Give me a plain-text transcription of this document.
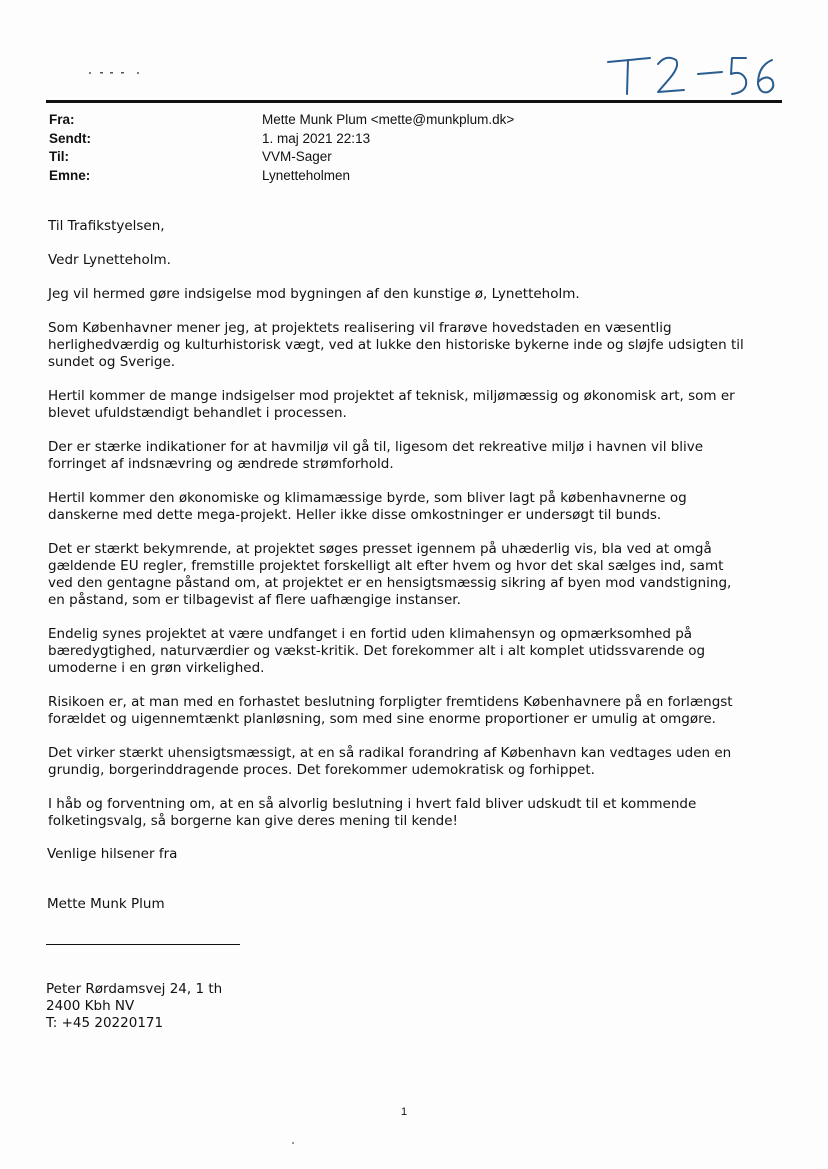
Fra:
Sendt:
Til:
Emne:
Mette Munk Plum <mette@munkplum.dk>
1. maj 2021 22:13
VVM-Sager
Lynetteholmen

Til Trafikstyelsen,

Vedr Lynetteholm.

Jeg vil hermed gøre indsigelse mod bygningen af den kunstige ø, Lynetteholm.

Som Københavner mener jeg, at projektets realisering vil frarøve hovedstaden en væsentlig
herlighedværdig og kulturhistorisk vægt, ved at lukke den historiske bykerne inde og sløjfe udsigten til
sundet og Sverige.

Hertil kommer de mange indsigelser mod projektet af teknisk, miljømæssig og økonomisk art, som er
blevet ufuldstændigt behandlet i processen.

Der er stærke indikationer for at havmiljø vil gå til, ligesom det rekreative miljø i havnen vil blive
forringet af indsnævring og ændrede strømforhold.

Hertil kommer den økonomiske og klimamæssige byrde, som bliver lagt på københavnerne og
danskerne med dette mega-projekt. Heller ikke disse omkostninger er undersøgt til bunds.

Det er stærkt bekymrende, at projektet søges presset igennem på uhæderlig vis, bla ved at omgå
gældende EU regler, fremstille projektet forskelligt alt efter hvem og hvor det skal sælges ind, samt
ved den gentagne påstand om, at projektet er en hensigtsmæssig sikring af byen mod vandstigning,
en påstand, som er tilbagevist af flere uafhængige instanser.

Endelig synes projektet at være undfanget i en fortid uden klimahensyn og opmærksomhed på
bæredygtighed, naturværdier og vækst-kritik. Det forekommer alt i alt komplet utidssvarende og
umoderne i en grøn virkelighed.

Risikoen er, at man med en forhastet beslutning forpligter fremtidens Københavnere på en forlængst
forældet og uigennemtænkt planløsning, som med sine enorme proportioner er umulig at omgøre.

Det virker stærkt uhensigtsmæssigt, at en så radikal forandring af København kan vedtages uden en
grundig, borgerinddragende proces. Det forekommer udemokratisk og forhippet.

I håb og forventning om, at en så alvorlig beslutning i hvert fald bliver udskudt til et kommende
folketingsvalg, så borgerne kan give deres mening til kende!

Venlige hilsener fra
Mette Munk Plum
Peter Rørdamsvej 24, 1 th
2400 Kbh NV
T: +45 20220171
1
